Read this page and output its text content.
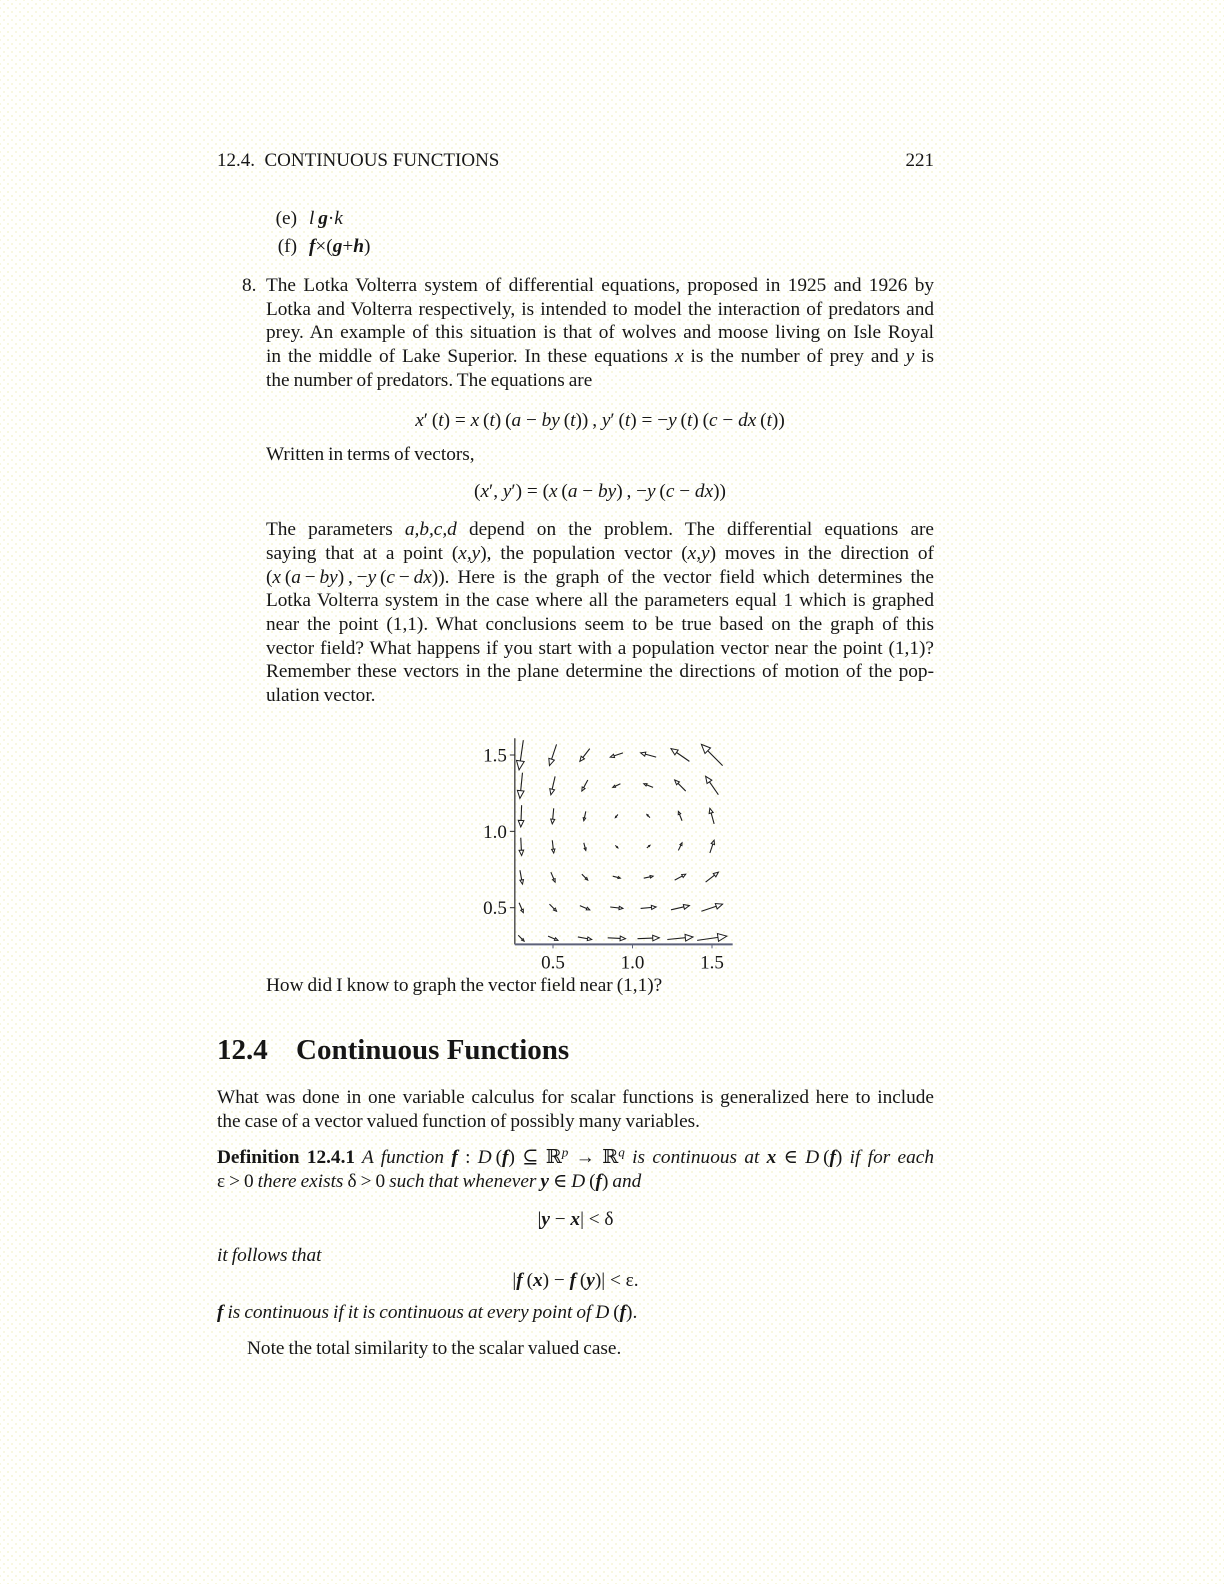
12.4.  CONTINUOUS FUNCTIONS	221
(e) l  g·k
(f) f×(g+h)
8. The Lotka Volterra system of differential equations, proposed in 1925 and 1926 by
Lotka and Volterra respectively, is intended to model the interaction of predators and
prey. An example of this situation is that of wolves and moose living on Isle Royal
in the middle of Lake Superior. In these equations x is the number of prey and y is
the number of predators. The equations are
x′ (t) = x (t) (a − by (t)) , y′ (t) = −y (t) (c − dx (t))
Written in terms of vectors,
(x′, y′) = (x (a − by) , −y (c − dx))
The parameters a,b,c,d depend on the problem. The differential equations are
saying that at a point (x,y), the population vector (x,y) moves in the direction of
(x (a − by) , −y (c − dx)). Here is the graph of the vector field which determines the
Lotka Volterra system in the case where all the parameters equal 1 which is graphed
near the point (1,1). What conclusions seem to be true based on the graph of this
vector field? What happens if you start with a population vector near the point (1,1)?
Remember these vectors in the plane determine the directions of motion of the pop-
ulation vector.
0.5
1.0
1.5
0.5	1.0	1.5
How did I know to graph the vector field near (1,1)?
12.4 Continuous Functions
What was done in one variable calculus for scalar functions is generalized here to include
the case of a vector valued function of possibly many variables.
Definition 12.4.1 A function f : D (f) ⊆ ℝ$^p$ → ℝ$^q$ is continuous at x ∈ D (f) if for each
ε > 0 there exists δ > 0 such that whenever y ∈ D (f) and
|y − x| < δ
it follows that
|f (x) − f (y)| < ε.
f is continuous if it is continuous at every point of D (f).
Note the total similarity to the scalar valued case.
